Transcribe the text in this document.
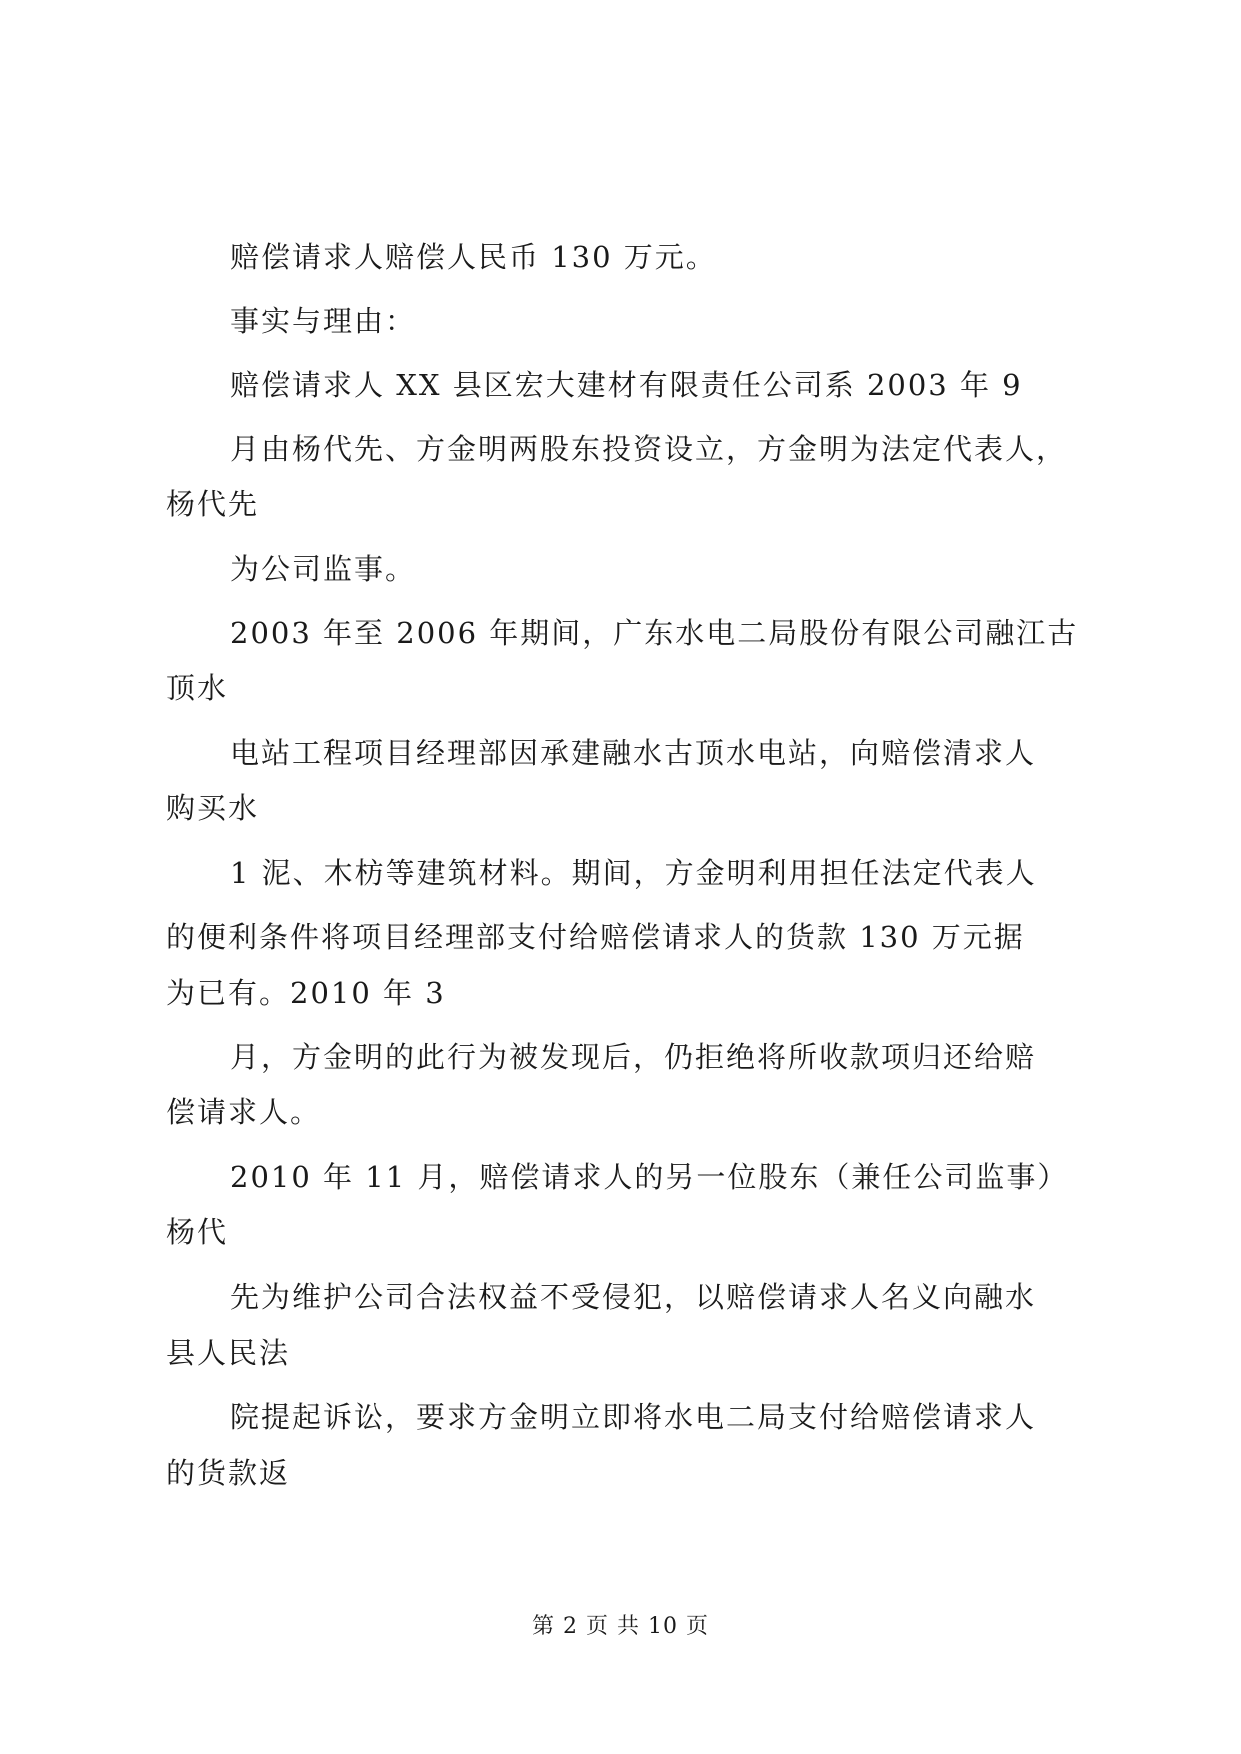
赔偿请求人赔偿人民币 130 万元。
事实与理由：
赔偿请求人 XX 县区宏大建材有限责任公司系 2003 年 9
月由杨代先、方金明两股东投资设立，方金明为法定代表人，
杨代先
为公司监事。
2003 年至 2006 年期间，广东水电二局股份有限公司融江古
顶水
电站工程项目经理部因承建融水古顶水电站，向赔偿清求人
购买水
1 泥、木枋等建筑材料。期间，方金明利用担任法定代表人
的便利条件将项目经理部支付给赔偿请求人的货款 130 万元据
为已有。2010 年 3
月，方金明的此行为被发现后，仍拒绝将所收款项归还给赔
偿请求人。
2010 年 11 月，赔偿请求人的另一位股东（兼任公司监事）
杨代
先为维护公司合法权益不受侵犯，以赔偿请求人名义向融水
县人民法
院提起诉讼，要求方金明立即将水电二局支付给赔偿请求人
的货款返
第 2 页 共 10 页
